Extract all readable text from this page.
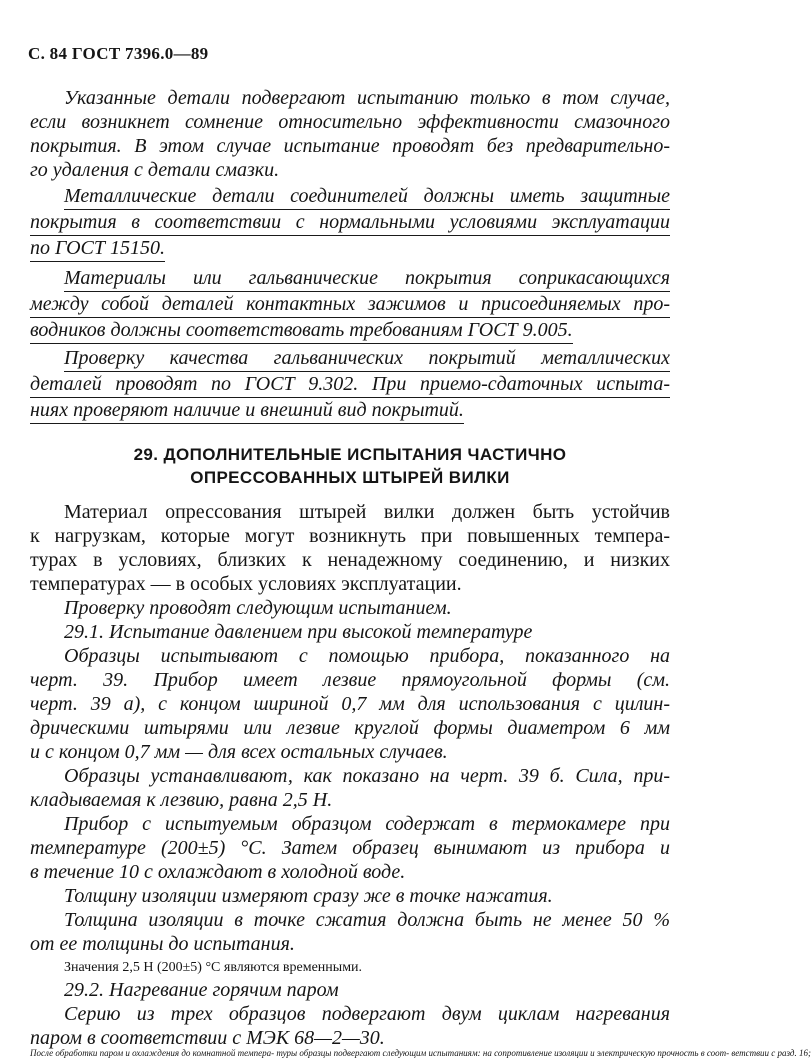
С. 84 ГОСТ 7396.0—89
Указанные детали подвергают испытанию только в том случае,
если возникнет сомнение относительно эффективности смазочного
покрытия. В этом случае испытание проводят без предварительно-
го удаления с детали смазки.
Металлические детали соединителей должны иметь защитные
покрытия в соответствии с нормальными условиями эксплуатации
по ГОСТ 15150.
Материалы или гальванические покрытия соприкасающихся
между собой деталей контактных зажимов и присоединяемых про-
водников должны соответствовать требованиям ГОСТ 9.005.
Проверку качества гальванических покрытий металлических
деталей проводят по ГОСТ 9.302. При приемо-сдаточных испыта-
ниях проверяют наличие и внешний вид покрытий.
29. ДОПОЛНИТЕЛЬНЫЕ ИСПЫТАНИЯ ЧАСТИЧНО
ОПРЕССОВАННЫХ ШТЫРЕЙ ВИЛКИ
Материал опрессования штырей вилки должен быть устойчив
к нагрузкам, которые могут возникнуть при повышенных темпера-
турах в условиях, близких к ненадежному соединению, и низких
температурах — в особых условиях эксплуатации.
Проверку проводят следующим испытанием.
29.1. Испытание давлением при высокой температуре
Образцы испытывают с помощью прибора, показанного на
черт. 39. Прибор имеет лезвие прямоугольной формы (см.
черт. 39 а), с концом шириной 0,7 мм для использования с цилин-
дрическими штырями или лезвие круглой формы диаметром 6 мм
и с концом 0,7 мм — для всех остальных случаев.
Образцы устанавливают, как показано на черт. 39 б. Сила, при-
кладываемая к лезвию, равна 2,5 Н.
Прибор с испытуемым образцом содержат в термокамере при
температуре (200±5) °С. Затем образец вынимают из прибора и
в течение 10 с охлаждают в холодной воде.
Толщину изоляции измеряют сразу же в точке нажатия.
Толщина изоляции в точке сжатия должна быть не менее 50 %
от ее толщины до испытания.
Значения 2,5 Н (200±5) °С являются временными.
29.2. Нагревание горячим паром
Серию из трех образцов подвергают двум циклам нагревания
паром в соответствии с МЭК 68—2—30.
После обработки паром и охлаждения до комнатной темпера- туры образцы подвергают следующим испытаниям: на сопротивление изоляции и электрическую прочность в соот- ветствии с разд. 16;
